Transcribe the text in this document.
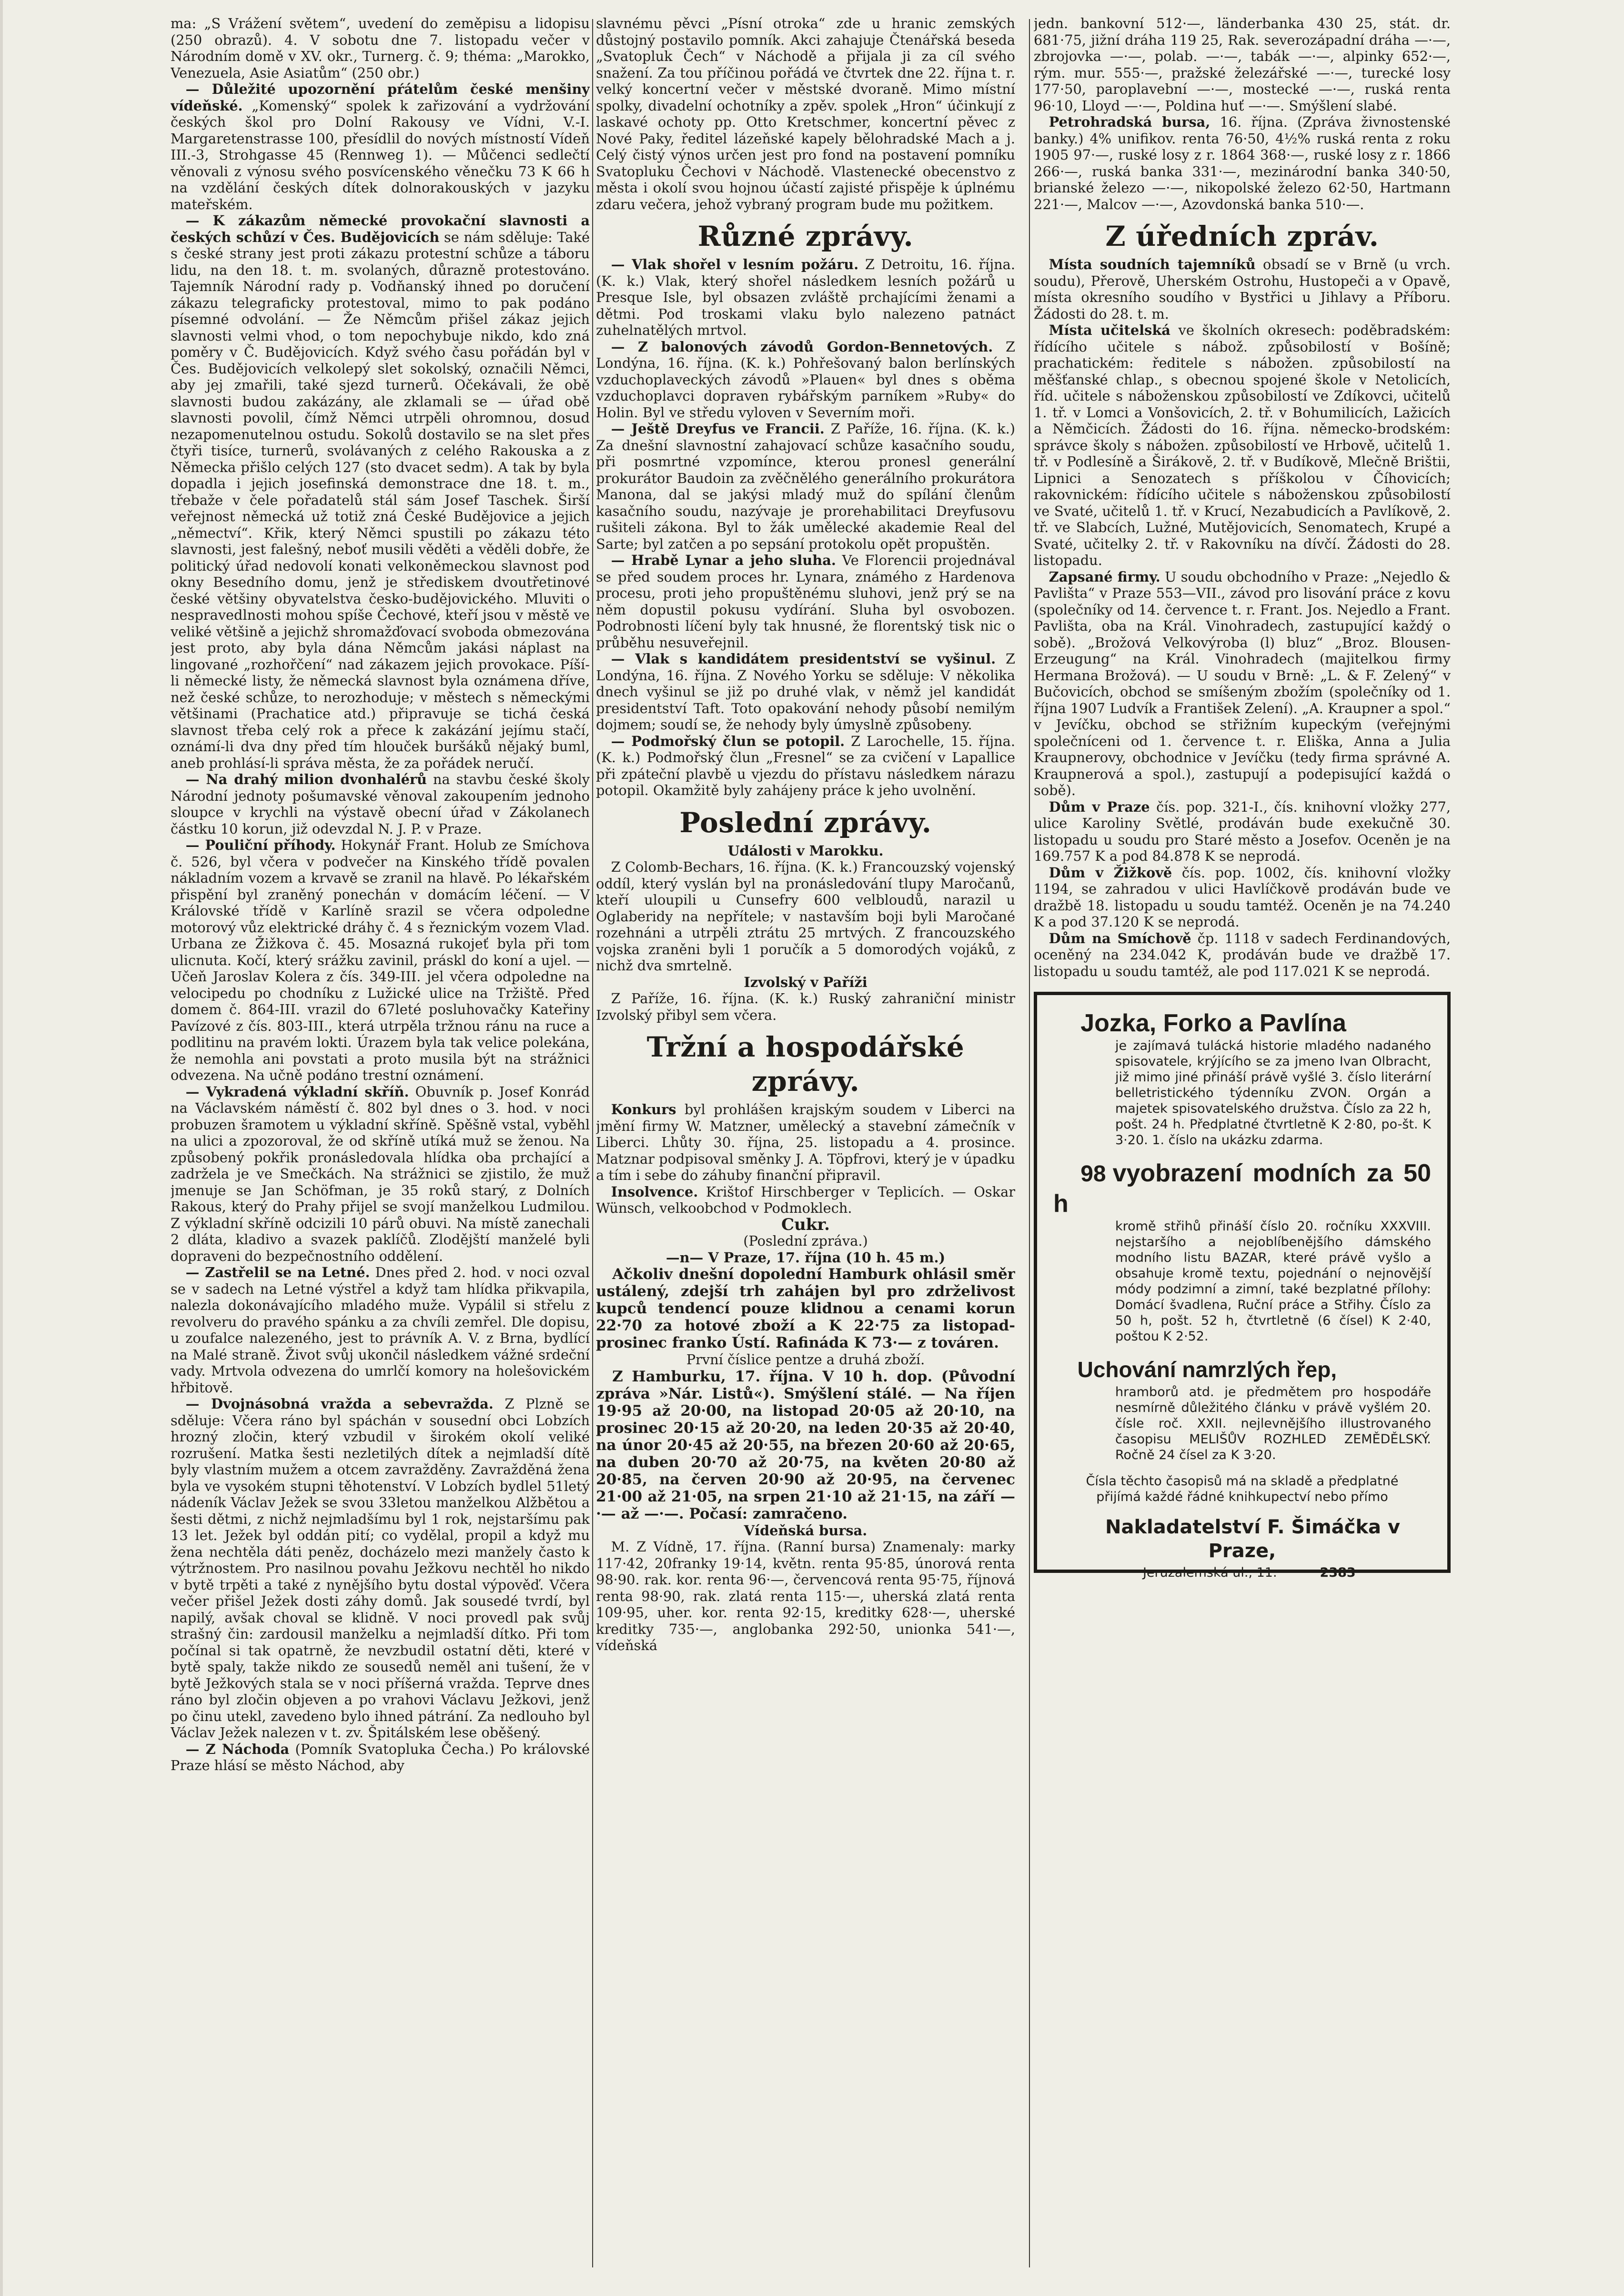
ma: „S Vrážení světem“, uvedení do zeměpisu a lidopisu (250 obrazů). 4. V sobotu dne 7. listopadu večer v Národním domě v XV. okr., Turnerg. č. 9; théma: „Marokko, Venezuela, Asie Asiatům“ (250 obr.)

— Důležité upozornění pŕátelům české menšiny vídeňské. „Komenský“ spolek k zařizování a vydržování českých škol pro Dolní Rakousy ve Vídni, V.-I. Margaretenstrasse 100, přesídlil do nových místností Vídeň III.-3, Strohgasse 45 (Rennweg 1). — Můčenci sedlečtí věnovali z výnosu svého posvícenského věnečku 73 K 66 h na vzdělání českých dítek dolnorakouských v jazyku mateřském.

— K zákazům německé provokační slavnosti a českých schůzí v Čes. Budějovicích se nám sděluje: Také s české strany jest proti zákazu protestní schůze a táboru lidu, na den 18. t. m. svolaných, důrazně protestováno. Tajemník Národní rady p. Vodňanský ihned po doručení zákazu telegraficky protestoval, mimo to pak podáno písemné odvolání. — Že Němcům přišel zákaz jejich slavnosti velmi vhod, o tom nepochybuje nikdo, kdo zná poměry v Č. Budějovicích. Když svého času pořádán byl v Čes. Budějovicích velkolepý slet sokolský, označili Němci, aby jej zmařili, také sjezd turnerů. Očekávali, že obě slavnosti budou zakázány, ale zklamali se — úřad obě slavnosti povolil, čímž Němci utrpěli ohromnou, dosud nezapomenutelnou ostudu. Sokolů dostavilo se na slet přes čtyři tisíce, turnerů, svolávaných z celého Rakouska a z Německa přišlo celých 127 (sto dvacet sedm). A tak by byla dopadla i jejich josefinská demonstrace dne 18. t. m., třebaže v čele pořadatelů stál sám Josef Taschek. Širší veřejnost německá už totiž zná České Budějovice a jejich „němectví“. Křik, který Němci spustili po zákazu této slavnosti, jest falešný, neboť musili věděti a věděli dobře, že politický úřad nedovolí konati velkoněmeckou slavnost pod okny Besedního domu, jenž je střediskem dvoutřetinové české většiny obyvatelstva česko-budějovického. Mluviti o nespravedlnosti mohou spíše Čechové, kteří jsou v městě ve veliké většině a jejichž shromažďovací svoboda obmezována jest proto, aby byla dána Němcům jakási náplast na lingované „rozhořčení“ nad zákazem jejich provokace. Píší-li německé listy, že německá slavnost byla oznámena dříve, než české schůze, to nerozhoduje; v městech s německými většinami (Prachatice atd.) připravuje se tichá česká slavnost třeba celý rok a přece k zakázání jejímu stačí, oznámí-li dva dny před tím hlouček buršáků nějaký buml, aneb prohlásí-li správa města, že za pořádek neručí.

— Na drahý milion dvonhalérů na stavbu české školy Národní jednoty pošumavské věnoval zakoupením jednoho sloupce v krychli na výstavě obecní úřad v Zákolanech částku 10 korun, již odevzdal N. J. P. v Praze.

— Pouliční příhody. Hokynář Frant. Holub ze Smíchova č. 526, byl včera v podvečer na Kinského třídě povalen nákladním vozem a krvavě se zranil na hlavě. Po lékařském přispění byl zraněný ponechán v domácím léčení. — V Královské třídě v Karlíně srazil se včera odpoledne motorový vůz elektrické dráhy č. 4 s řeznickým vozem Vlad. Urbana ze Žižkova č. 45. Mosazná rukojeť byla při tom ulicnuta. Kočí, který srážku zavinil, práskl do koní a ujel. — Učeň Jaroslav Kolera z čís. 349-III. jel včera odpoledne na velocipedu po chodníku z Lužické ulice na Tržiště. Před domem č. 864-III. vrazil do 67leté posluhovačky Kateřiny Pavízové z čís. 803-III., která utrpěla tržnou ránu na ruce a podlitinu na pravém lokti. Úrazem byla tak velice polekána, že nemohla ani povstati a proto musila být na strážnici odvezena. Na učně podáno trestní oznámení.

— Vykradená výkladní skříň. Obuvník p. Josef Konrád na Václavském náměstí č. 802 byl dnes o 3. hod. v noci probuzen šramotem u výkladní skříně. Spěšně vstal, vyběhl na ulici a zpozoroval, že od skříně utíká muž se ženou. Na způsobený pokřik pronásledovala hlídka oba prchající a zadržela je ve Smečkách. Na strážnici se zjistilo, že muž jmenuje se Jan Schöfman, je 35 roků starý, z Dolních Rakous, který do Prahy přijel se svojí manželkou Ludmilou. Z výkladní skříně odcizili 10 párů obuvi. Na místě zanechali 2 dláta, kladivo a svazek paklíčů. Zlodějští manželé byli dopraveni do bezpečnostního oddělení.

— Zastřelil se na Letné. Dnes před 2. hod. v noci ozval se v sadech na Letné výstřel a když tam hlídka přikvapila, nalezla dokonávajícího mladého muže. Vypálil si střelu z revolveru do pravého spánku a za chvíli zemřel. Dle dopisu, u zoufalce nalezeného, jest to právník A. V. z Brna, bydlící na Malé straně. Život svůj ukončil následkem vážné srdeční vady. Mrtvola odvezena do umrlčí komory na holešovickém hřbitově.

— Dvojnásobná vražda a sebevražda. Z Plzně se sděluje: Včera ráno byl spáchán v sousední obci Lobzích hrozný zločin, který vzbudil v širokém okolí veliké rozrušení. Matka šesti nezletilých dítek a nejmladší dítě byly vlastním mužem a otcem zavražděny. Zavražděná žena byla ve vysokém stupni těhotenství. V Lobzích bydlel 51letý nádeník Václav Ježek se svou 33letou manželkou Alžbětou a šesti dětmi, z nichž nejmladšímu byl 1 rok, nejstaršímu pak 13 let. Ježek byl oddán pití; co vydělal, propil a když mu žena nechtěla dáti peněz, docházelo mezi manžely často k výtržnostem. Pro nasilnou povahu Ježkovu nechtěl ho nikdo v bytě trpěti a také z nynějšího bytu dostal výpověď. Včera večer přišel Ježek dosti záhy domů. Jak sousedé tvrdí, byl napilý, avšak choval se klidně. V noci provedl pak svůj strašný čin: zardousil manželku a nejmladší dítko. Při tom počínal si tak opatrně, že nevzbudil ostatní děti, které v bytě spaly, takže nikdo ze sousedů neměl ani tušení, že v bytě Ježkových stala se v noci příšerná vražda. Teprve dnes ráno byl zločin objeven a po vrahovi Václavu Ježkovi, jenž po činu utekl, zavedeno bylo ihned pátrání. Za nedlouho byl Václav Ježek nalezen v t. zv. Špitálském lese oběšený.

— Z Náchoda (Pomník Svatopluka Čecha.) Po královské Praze hlásí se město Náchod, aby

slavnému pěvci „Písní otroka“ zde u hranic zemských důstojný postavilo pomník. Akci zahajuje Čtenářská beseda „Svatopluk Čech“ v Náchodě a přijala ji za cíl svého snažení. Za tou příčinou pořádá ve čtvrtek dne 22. října t. r. velký koncertní večer v městské dvoraně. Mimo místní spolky, divadelní ochotníky a zpěv. spolek „Hron“ účinkují z laskavé ochoty pp. Otto Kretschmer, koncertní pěvec z Nové Paky, ředitel lázeňské kapely bělohradské Mach a j. Celý čistý výnos určen jest pro fond na postavení pomníku Svatopluku Čechovi v Náchodě. Vlastenecké obecenstvo z města i okolí svou hojnou účastí zajisté přispěje k úplnému zdaru večera, jehož vybraný program bude mu požitkem.

Různé zprávy.

— Vlak shořel v lesním požáru. Z Detroitu, 16. října. (K. k.) Vlak, který shořel následkem lesních požárů u Presque Isle, byl obsazen zvláště prchajícími ženami a dětmi. Pod troskami vlaku bylo nalezeno patnáct zuhelnatělých mrtvol.

— Z balonových závodů Gordon-Bennetových. Z Londýna, 16. října. (K. k.) Pohřešovaný balon berlínských vzduchoplaveckých závodů »Plauen« byl dnes s oběma vzduchoplavci dopraven rybářským parníkem »Ruby« do Holin. Byl ve středu vyloven v Severním moři.

— Ještě Dreyfus ve Francii. Z Paříže, 16. října. (K. k.) Za dnešní slavnostní zahajovací schůze kasačního soudu, při posmrtné vzpomínce, kterou pronesl generální prokurátor Baudoin za zvěčnělého generálního prokurátora Manona, dal se jakýsi mladý muž do spílání členům kasačního soudu, nazývaje je prorehabilitaci Dreyfusovu rušiteli zákona. Byl to žák umělecké akademie Real del Sarte; byl zatčen a po sepsání protokolu opět propuštěn.

— Hrabě Lynar a jeho sluha. Ve Florencii projednával se před soudem proces hr. Lynara, známého z Hardenova procesu, proti jeho propuštěnému sluhovi, jenž prý se na něm dopustil pokusu vydírání. Sluha byl osvobozen. Podrobnosti líčení byly tak hnusné, že florentský tisk nic o průběhu nesuveřejnil.

— Vlak s kandidátem presidentství se vyšinul. Z Londýna, 16. října. Z Nového Yorku se sděluje: V několika dnech vyšinul se již po druhé vlak, v němž jel kandidát presidentství Taft. Toto opakování nehody působí nemilým dojmem; soudí se, že nehody byly úmyslně způsobeny.

— Podmořský člun se potopil. Z Larochelle, 15. října. (K. k.) Podmořský člun „Fresnel“ se za cvičení v Lapallice při zpáteční plavbě u vjezdu do přístavu následkem nárazu potopil. Okamžitě byly zahájeny práce k jeho uvolnění.

Poslední zprávy.

Události v Marokku.

Z Colomb-Bechars, 16. října. (K. k.) Francouzský vojenský oddíl, který vyslán byl na pronásledování tlupy Maročanů, kteří uloupili u Cunsefry 600 velbloudů, narazil u Oglaberidy na nepřítele; v nastavším boji byli Maročané rozehnáni a utrpěli ztrátu 25 mrtvých. Z francouzského vojska zraněni byli 1 poručík a 5 domorodých vojáků, z nichž dva smrtelně.

Izvolský v Paříži

Z Paříže, 16. října. (K. k.) Ruský zahraniční ministr Izvolský přibyl sem včera.

Tržní a hospodářské zprávy.

Konkurs byl prohlášen krajským soudem v Liberci na jmění firmy W. Matzner, umělecký a stavební zámečník v Liberci. Lhůty 30. října, 25. listopadu a 4. prosince. Matznar podpisoval směnky J. A. Töpfrovi, který je v úpadku a tím i sebe do záhuby finanční připravil.

Insolvence. Krištof Hirschberger v Teplicích. — Oskar Wünsch, velkoobchod v Podmoklech.

Cukr.

(Poslední zpráva.)

—n— V Praze, 17. října (10 h. 45 m.)

Ačkoliv dnešní dopolední Hamburk ohlásil směr ustálený, zdejší trh zahájen byl pro zdrželivost kupců tendencí pouze klidnou a cenami korun 22·70 za hotové zboží a K 22·75 za listopad-prosinec franko Ústí. Rafináda K 73·— z továren.

První číslice pentze a druhá zboží.

Z Hamburku, 17. října. V 10 h. dop. (Původní zpráva »Nár. Listů«). Smýšlení stálé. — Na říjen 19·95 až 20·00, na listopad 20·05 až 20·10, na prosinec 20·15 až 20·20, na leden 20·35 až 20·40, na únor 20·45 až 20·55, na březen 20·60 až 20·65, na duben 20·70 až 20·75, na květen 20·80 až 20·85, na červen 20·90 až 20·95, na červenec 21·00 až 21·05, na srpen 21·10 až 21·15, na září —·— až —·—. Počasí: zamračeno.

Vídeňská bursa.

M. Z Vídně, 17. října. (Ranní bursa) Znamenaly: marky 117·42, 20franky 19·14, květn. renta 95·85, únorová renta 98·90. rak. kor. renta 96·—, červencová renta 95·75, říjnová renta 98·90, rak. zlatá renta 115·—, uherská zlatá renta 109·95, uher. kor. renta 92·15, kreditky 628·—, uherské kreditky 735·—, anglobanka 292·50, unionka 541·—, vídeňská

jedn. bankovní 512·—, länderbanka 430 25, stát. dr. 681·75, jižní dráha 119 25, Rak. severozápadní dráha —·—, zbrojovka —·—, polab. —·—, tabák —·—, alpinky 652·—, rým. mur. 555·—, pražské železářské —·—, turecké losy 177·50, paroplavební —·—, mostecké —·—, ruská renta 96·10, Lloyd —·—, Poldina huť —·—. Smýšlení slabé.

Petrohradská bursa, 16. října. (Zpráva živnostenské banky.) 4% unifikov. renta 76·50, 4½% ruská renta z roku 1905 97·—, ruské losy z r. 1864 368·—, ruské losy z r. 1866 266·—, ruská banka 331·—, mezinárodní banka 340·50, brianské železo —·—, nikopolské železo 62·50, Hartmann 221·—, Malcov —·—, Azovdonská banka 510·—.

Z úředních zpráv.

Místa soudních tajemníků obsadí se v Brně (u vrch. soudu), Přerově, Uherském Ostrohu, Hustopeči a v Opavě, místa okresního soudího v Bystřici u Jihlavy a Příboru. Žádosti do 28. t. m.

Místa učitelská ve školních okresech: poděbradském: řídícího učitele s nábož. způsobilostí v Bošíně; prachatickém: ředitele s nábožen. způsobilostí na měšťanské chlap., s obecnou spojené škole v Netolicích, říd. učitele s náboženskou způsobilostí ve Zdíkovci, učitelů 1. tř. v Lomci a Vonšovicích, 2. tř. v Bohumilicích, Lažicích a Němčicích. Žádosti do 16. října. německo-brodském: správce školy s nábožen. způsobilostí ve Hrbově, učitelů 1. tř. v Podlesíně a Širákově, 2. tř. v Budíkově, Mlečně Brištii, Lipnici a Senozatech s příškolou v Číhovicích; rakovnickém: řídícího učitele s náboženskou způsobilostí ve Svaté, učitelů 1. tř. v Krucí, Nezabudicích a Pavlíkově, 2. tř. ve Slabcích, Lužné, Mutějovicích, Senomatech, Krupé a Svaté, učitelky 2. tř. v Rakovníku na dívčí. Žádosti do 28. listopadu.

Zapsané firmy. U soudu obchodního v Praze: „Nejedlo & Pavlišta“ v Praze 553—VII., závod pro lisování práce z kovu (společníky od 14. července t. r. Frant. Jos. Nejedlo a Frant. Pavlišta, oba na Král. Vinohradech, zastupující každý o sobě). „Brožová Velkovýroba (l) bluz“ „Broz. Blousen-Erzeugung“ na Král. Vinohradech (majitelkou firmy Hermana Brožová). — U soudu v Brně: „L. & F. Zelený“ v Bučovicích, obchod se smíšeným zbožím (společníky od 1. října 1907 Ludvík a František Zelení). „A. Kraupner a spol.“ v Jevíčku, obchod se střižním kupeckým (veřejnými společníceni od 1. července t. r. Eliška, Anna a Julia Kraupnerovy, obchodnice v Jevíčku (tedy firma správné A. Kraupnerová a spol.), zastupují a podepisující každá o sobě).

Dům v Praze čís. pop. 321-I., čís. knihovní vložky 277, ulice Karoliny Světlé, prodáván bude exekučně 30. listopadu u soudu pro Staré město a Josefov. Oceněn je na 169.757 K a pod 84.878 K se neprodá.

Dům v Žižkově čís. pop. 1002, čís. knihovní vložky 1194, se zahradou v ulici Havlíčkově prodáván bude ve dražbě 18. listopadu u soudu tamtéž. Oceněn je na 74.240 K a pod 37.120 K se neprodá.

Dům na Smíchově čp. 1118 v sadech Ferdinandových, oceněný na 234.042 K, prodáván bude ve dražbě 17. listopadu u soudu tamtéž, ale pod 117.021 K se neprodá.

Jozka, Forko a Pavlína

je zajímavá tulácká historie mladého nadaného spisovatele, krýjícího se za jmeno Ivan Olbracht, již mimo jiné přináší právě vyšlé 3. číslo literární belletristického týdenníku ZVON. Orgán a majetek spisovatelského družstva. Číslo za 22 h, pošt. 24 h. Předplatné čtvrtletně K 2·80, po-št. K 3·20. 1. číslo na ukázku zdarma.

98 vyobrazení modních za 50 h

kromě střihů přináší číslo 20. ročníku XXXVIII. nejstaršího a nejoblíbenějšího dámského modního listu BAZAR, které právě vyšlo a obsahuje kromě textu, pojednání o nejnovější módy podzimní a zimní, také bezplatné přílohy: Domácí švadlena, Ruční práce a Střihy. Číslo za 50 h, pošt. 52 h, čtvrtletně (6 čísel) K 2·40, poštou K 2·52.

Uchování namrzlých řep,

hramborů atd. je předmětem pro hospodáře nesmírně důležitého článku v právě vyšlém 20. čísle roč. XXII. nejlevnějšího illustrovaného časopisu MELIŠŮV ROZHLED ZEMĚDĚLSKÝ. Ročně 24 čísel za K 3·20.

Čísla těchto časopisů má na skladě a předplatné přijímá každé řádné knihkupectví nebo přímo

Nakladatelství F. Šimáčka v Praze,

Jeruzalemská ul., 11.	2383
